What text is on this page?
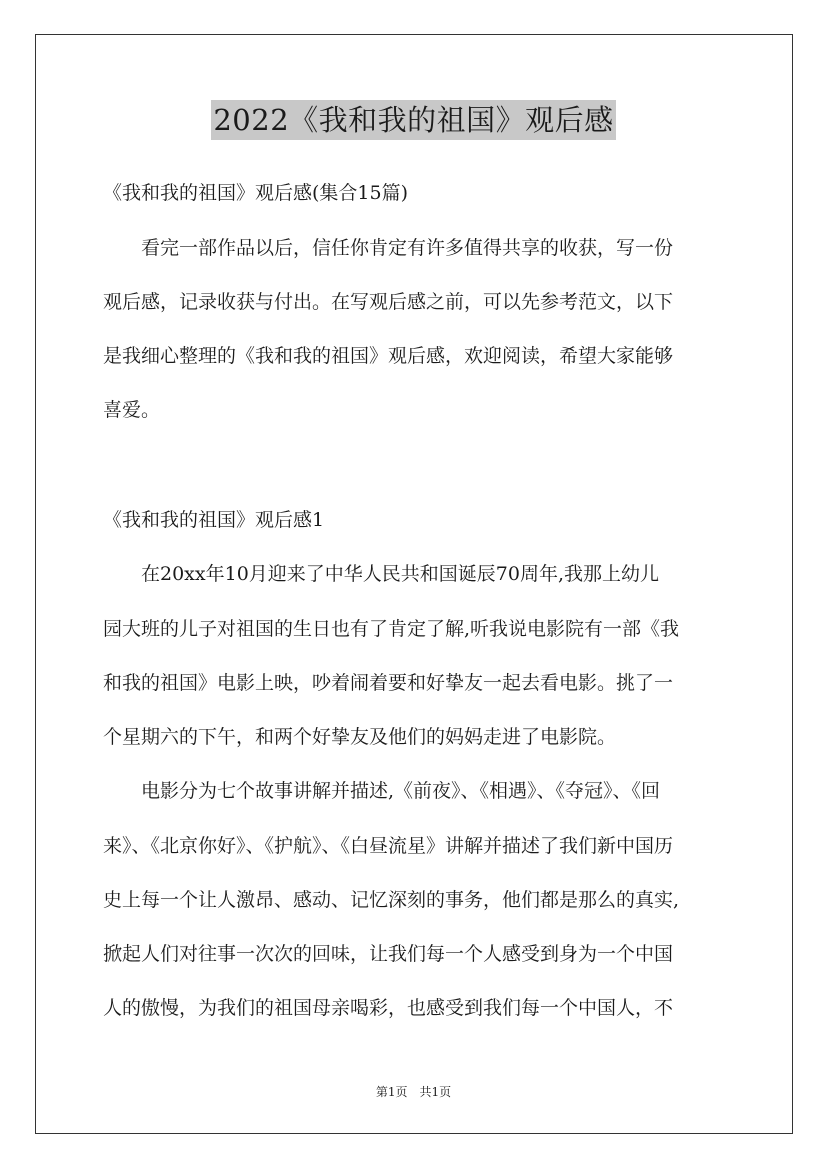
2022《我和我的祖国》观后感
《我和我的祖国》观后感(集合15篇)
　　看完一部作品以后，信任你肯定有许多值得共享的收获，写一份
观后感，记录收获与付出。在写观后感之前，可以先参考范文，以下
是我细心整理的《我和我的祖国》观后感，欢迎阅读，希望大家能够
喜爱。
《我和我的祖国》观后感1
　　在20xx年10月迎来了中华人民共和国诞辰70周年,我那上幼儿
园大班的儿子对祖国的生日也有了肯定了解,听我说电影院有一部《我
和我的祖国》电影上映，吵着闹着要和好挚友一起去看电影。挑了一
个星期六的下午，和两个好挚友及他们的妈妈走进了电影院。
　　电影分为七个故事讲解并描述,《前夜》、《相遇》、《夺冠》、《回
来》、《北京你好》、《护航》、《白昼流星》讲解并描述了我们新中国历
史上每一个让人激昂、感动、记忆深刻的事务，他们都是那么的真实,
掀起人们对往事一次次的回味，让我们每一个人感受到身为一个中国
人的傲慢，为我们的祖国母亲喝彩，也感受到我们每一个中国人，不
第1页　共1页
